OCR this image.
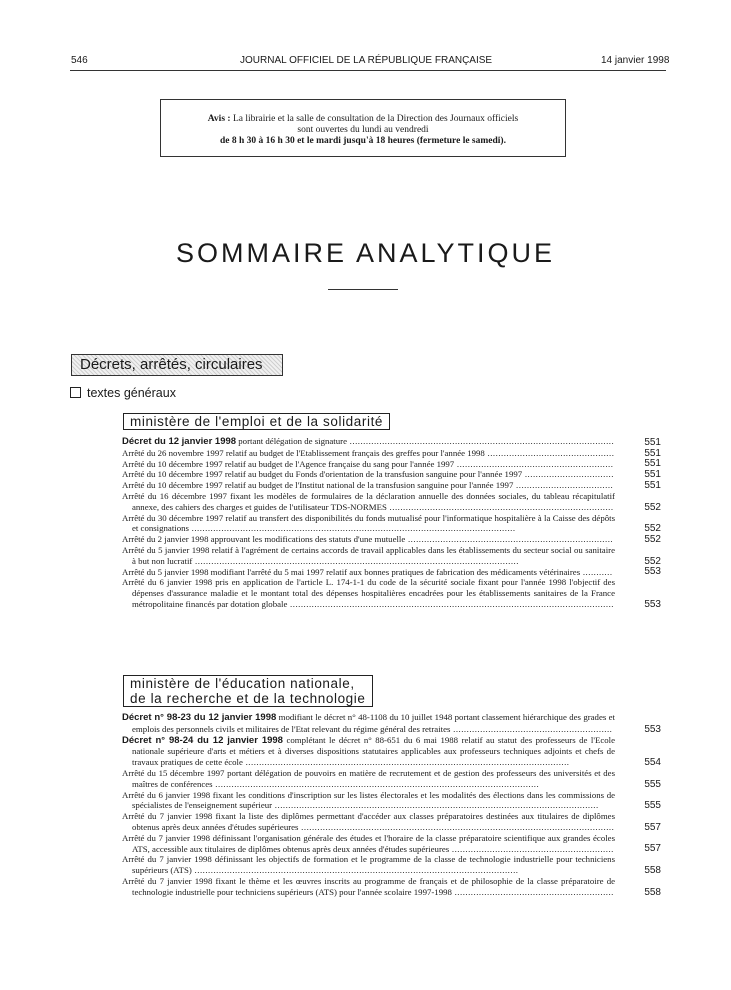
546	JOURNAL OFFICIEL DE LA RÉPUBLIQUE FRANÇAISE	14 janvier 1998
Avis : La librairie et la salle de consultation de la Direction des Journaux officiels
sont ouvertes du lundi au vendredi
de 8 h 30 à 16 h 30 et le mardi jusqu'à 18 heures (fermeture le samedi).
SOMMAIRE ANALYTIQUE
Décrets, arrêtés, circulaires
textes généraux
ministère de l'emploi et de la solidarité
Décret du 12 janvier 1998 portant délégation de signature ..................................................................................................	551
Arrêté du 26 novembre 1997 relatif au budget de l'Etablissement français des greffes pour l'année 1998 ...............................................	551
Arrêté du 10 décembre 1997 relatif au budget de l'Agence française du sang pour l'année 1997 ..........................................................	551
Arrêté du 10 décembre 1997 relatif au budget du Fonds d'orientation de la transfusion sanguine pour l'année 1997 .................................	551
Arrêté du 10 décembre 1997 relatif au budget de l'Institut national de la transfusion sanguine pour l'année 1997 ....................................	551
Arrêté du 16 décembre 1997 fixant les modèles de formulaires de la déclaration annuelle des données sociales, du tableau récapitulatif annexe, des cahiers des charges et guides de l'utilisateur TDS-NORMES ...................................................................................	552
Arrêté du 30 décembre 1997 relatif au transfert des disponibilités du fonds mutualisé pour l'informatique hospitalière à la Caisse des dépôts et consignations ........................................................................................................................	552
Arrêté du 2 janvier 1998 approuvant les modifications des statuts d'une mutuelle ............................................................................	552
Arrêté du 5 janvier 1998 relatif à l'agrément de certains accords de travail applicables dans les établissements du secteur social ou sanitaire à but non lucratif ........................................................................................................................	552
Arrêté du 5 janvier 1998 modifiant l'arrêté du 5 mai 1997 relatif aux bonnes pratiques de fabrication des médicaments vétérinaires ...........	553
Arrêté du 6 janvier 1998 pris en application de l'article L. 174-1-1 du code de la sécurité sociale fixant pour l'année 1998 l'objectif des dépenses d'assurance maladie et le montant total des dépenses hospitalières encadrées pour les établissements sanitaires de la France métropolitaine financés par dotation globale ........................................................................................................................	553
ministère de l'éducation nationale,
de la recherche et de la technologie
Décret n° 98-23 du 12 janvier 1998 modifiant le décret n° 48-1108 du 10 juillet 1948 portant classement hiérarchique des grades et emplois des personnels civils et militaires de l'Etat relevant du régime général des retraites ...........................................................	553
Décret n° 98-24 du 12 janvier 1998 complétant le décret n° 88-651 du 6 mai 1988 relatif au statut des professeurs de l'Ecole nationale supérieure d'arts et métiers et à diverses dispositions statutaires applicables aux professeurs techniques adjoints et chefs de travaux pratiques de cette école ........................................................................................................................	554
Arrêté du 15 décembre 1997 portant délégation de pouvoirs en matière de recrutement et de gestion des professeurs des universités et des maîtres de conférences ........................................................................................................................	555
Arrêté du 6 janvier 1998 fixant les conditions d'inscription sur les listes électorales et les modalités des élections dans les commissions de spécialistes de l'enseignement supérieur ........................................................................................................................	555
Arrêté du 7 janvier 1998 fixant la liste des diplômes permettant d'accéder aux classes préparatoires destinées aux titulaires de diplômes obtenus après deux années d'études supérieures ....................................................................................................................	557
Arrêté du 7 janvier 1998 définissant l'organisation générale des études et l'horaire de la classe préparatoire scientifique aux grandes écoles ATS, accessible aux titulaires de diplômes obtenus après deux années d'études supérieures ............................................................	557
Arrêté du 7 janvier 1998 définissant les objectifs de formation et le programme de la classe de technologie industrielle pour techniciens supérieurs (ATS) ........................................................................................................................	558
Arrêté du 7 janvier 1998 fixant le thème et les œuvres inscrits au programme de français et de philosophie de la classe préparatoire de technologie industrielle pour techniciens supérieurs (ATS) pour l'année scolaire 1997-1998 ...........................................................	558
